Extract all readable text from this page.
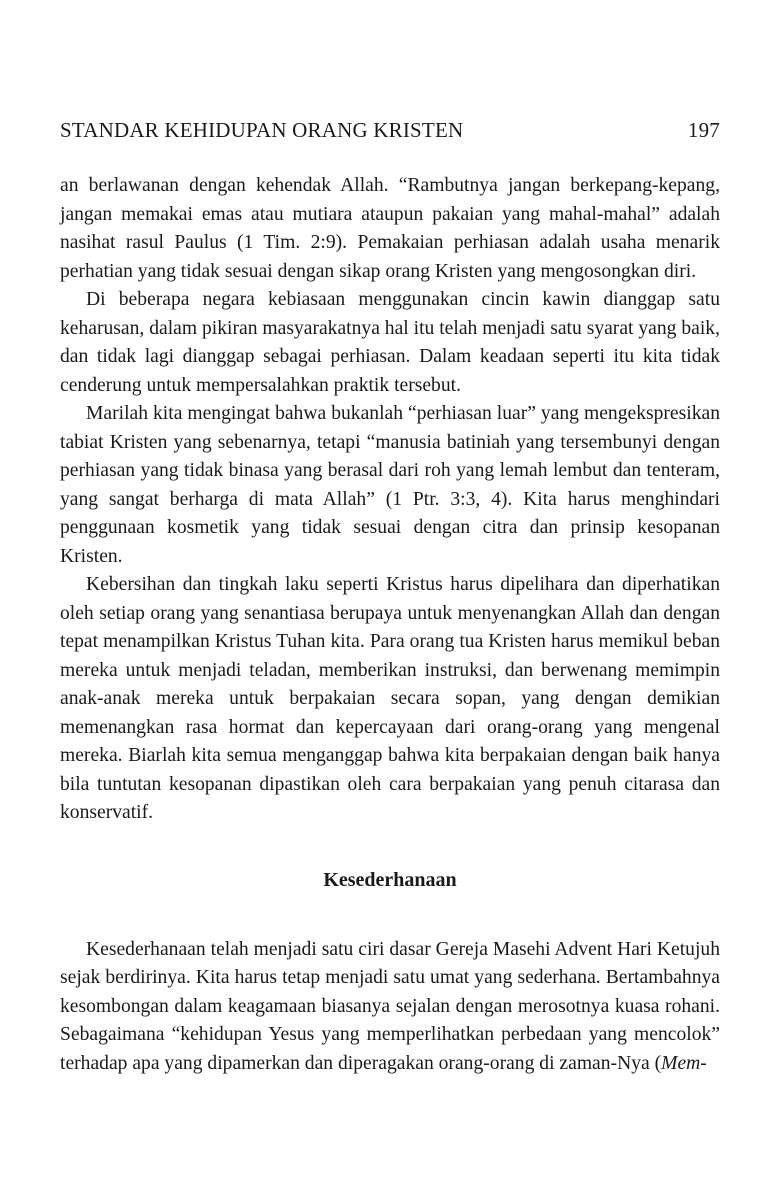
STANDAR KEHIDUPAN ORANG KRISTEN	197

an berlawanan dengan kehendak Allah. “Rambutnya jangan berkepang-kepang, jangan memakai emas atau mutiara ataupun pakaian yang mahal-mahal” adalah nasihat rasul Paulus (1 Tim. 2:9). Pemakaian perhiasan adalah usaha menarik perhatian yang tidak sesuai dengan sikap orang Kristen yang mengosongkan diri.

Di beberapa negara kebiasaan menggunakan cincin kawin dianggap satu keharusan, dalam pikiran masyarakatnya hal itu telah menjadi satu syarat yang baik, dan tidak lagi dianggap sebagai perhiasan. Dalam keadaan seperti itu kita tidak cenderung untuk mempersalahkan praktik tersebut.

Marilah kita mengingat bahwa bukanlah “perhiasan luar” yang mengekspresikan tabiat Kristen yang sebenarnya, tetapi “manusia batiniah yang tersembunyi dengan perhiasan yang tidak binasa yang berasal dari roh yang lemah lembut dan tenteram, yang sangat berharga di mata Allah” (1 Ptr. 3:3, 4). Kita harus menghindari penggunaan kosmetik yang tidak sesuai dengan citra dan prinsip kesopanan Kristen.

Kebersihan dan tingkah laku seperti Kristus harus dipelihara dan diperhatikan oleh setiap orang yang senantiasa berupaya untuk menyenangkan Allah dan dengan tepat menampilkan Kristus Tuhan kita. Para orang tua Kristen harus memikul beban mereka untuk menjadi teladan, memberikan instruksi, dan berwenang memimpin anak-anak mereka untuk berpakaian secara sopan, yang dengan demikian memenangkan rasa hormat dan kepercayaan dari orang-orang yang mengenal mereka. Biarlah kita semua menganggap bahwa kita berpakaian dengan baik hanya bila tuntutan kesopanan dipastikan oleh cara berpakaian yang penuh citarasa dan konservatif.

Kesederhanaan

Kesederhanaan telah menjadi satu ciri dasar Gereja Masehi Advent Hari Ketujuh sejak berdirinya. Kita harus tetap menjadi satu umat yang sederhana. Bertambahnya kesombongan dalam keagamaan biasanya sejalan dengan merosotnya kuasa rohani. Sebagaimana “kehidupan Yesus yang memperlihatkan perbedaan yang mencolok” terhadap apa yang dipamerkan dan diperagakan orang-orang di zaman-Nya (Mem-
